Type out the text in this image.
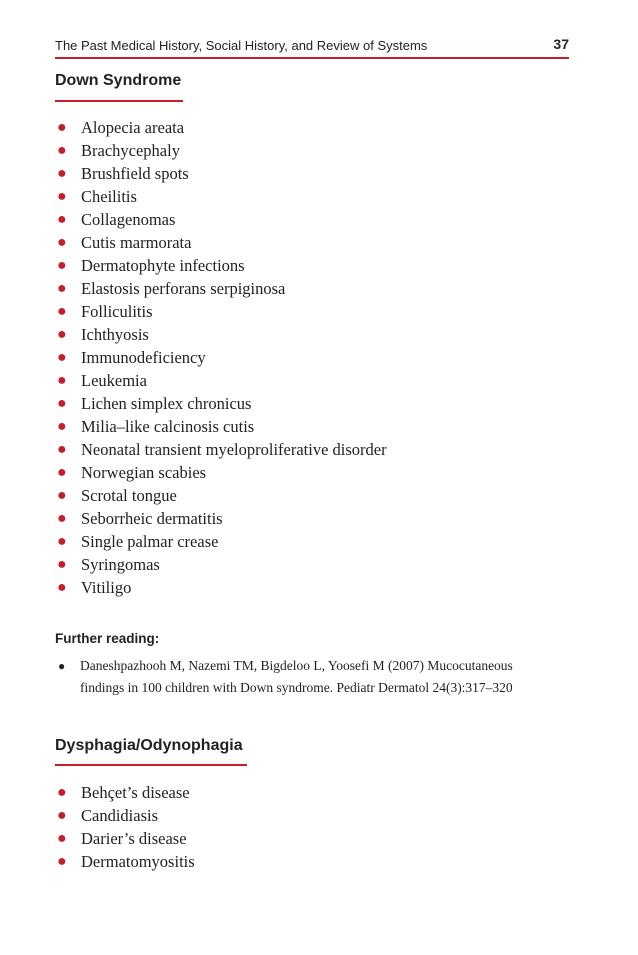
The Past Medical History, Social History, and Review of Systems	37
Down Syndrome
● Alopecia areata
● Brachycephaly
● Brushfield spots
● Cheilitis
● Collagenomas
● Cutis marmorata
● Dermatophyte infections
● Elastosis perforans serpiginosa
● Folliculitis
● Ichthyosis
● Immunodeficiency
● Leukemia
● Lichen simplex chronicus
● Milia–like calcinosis cutis
● Neonatal transient myeloproliferative disorder
● Norwegian scabies
● Scrotal tongue
● Seborrheic dermatitis
● Single palmar crease
● Syringomas
● Vitiligo
Further reading:
●	Daneshpazhooh M, Nazemi TM, Bigdeloo L, Yoosefi M (2007) Mucocutaneous findings in 100 children with Down syndrome. Pediatr Dermatol 24(3):317–320
Dysphagia/Odynophagia
● Behçet’s disease
● Candidiasis
● Darier’s disease
● Dermatomyositis
